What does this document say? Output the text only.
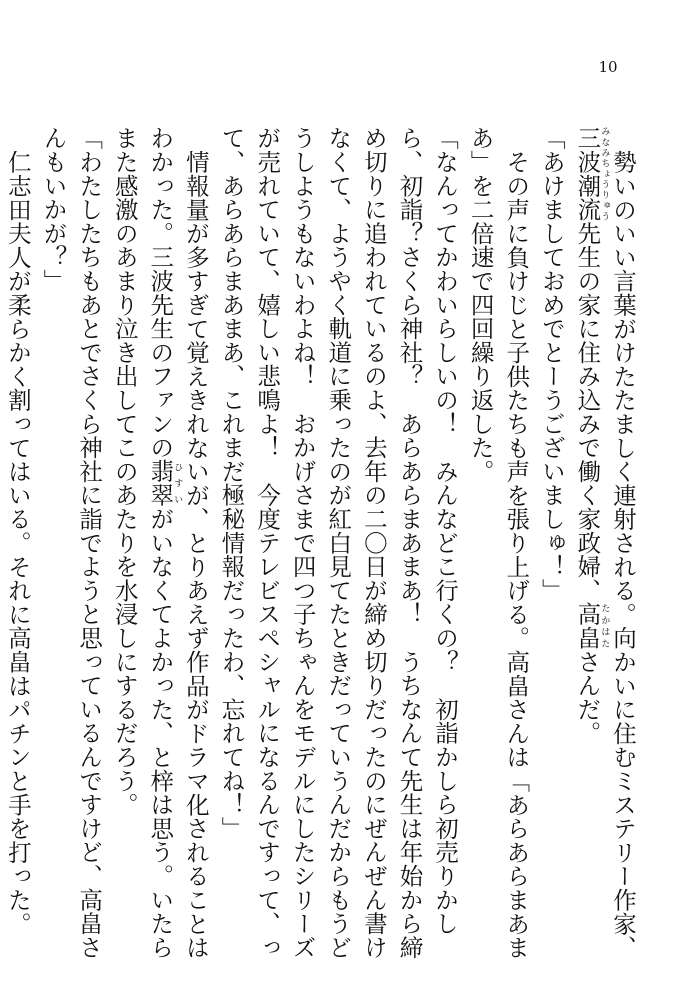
10

勢いのいい言葉がけたたましく連射される。向かいに住むミステリー作家、三波潮流みなみちょうりゅう先生の家に住み込みで働く家政婦、高畠たかはたさんだ。

「あけましておめでとーうございましゅ！」

その声に負けじと子供たちも声を張り上げる。高畠さんは「あらあらまあまあ」を二倍速で四回繰り返した。

「なんってかわいらしいの！　みんなどこ行くの？　初詣かしら初売りかしら、初詣？さくら神社？　あらあらまあまあ！　うちなんて先生は年始から締め切りに追われているのよ、去年の二〇日が締め切りだったのにぜんぜん書けなくて、ようやく軌道に乗ったのが紅白見てたときだっていうんだからもうどうしようもないわよね！　おかげさまで四つ子ちゃんをモデルにしたシリーズが売れていて、嬉しい悲鳴よ！　今度テレビスペシャルになるんですって、って、あらあらまあまあ、これまだ極秘情報だったわ、忘れてね！」

情報量が多すぎて覚えきれないが、とりあえず作品がドラマ化されることはわかった。三波先生のファンの翡翠ひすいがいなくてよかった、と梓は思う。いたらまた感激のあまり泣き出してこのあたりを水浸しにするだろう。

「わたしたちもあとでさくら神社に詣でようと思っているんですけど、高畠さんもいかが？」

仁志田夫人が柔らかく割ってはいる。それに高畠はパチンと手を打った。
